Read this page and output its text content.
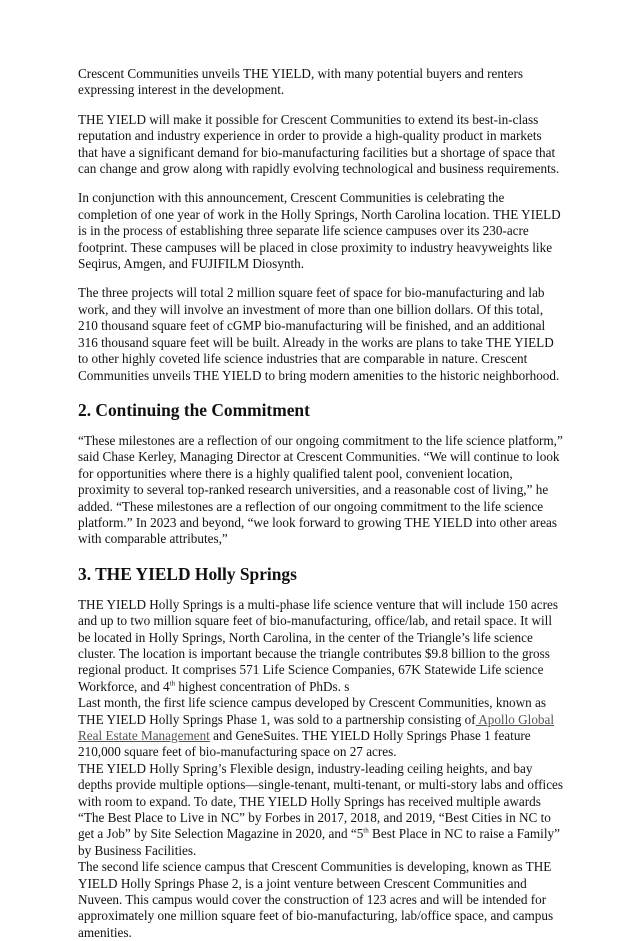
Crescent Communities unveils THE YIELD, with many potential buyers and renters expressing interest in the development.

THE YIELD will make it possible for Crescent Communities to extend its best-in-class reputation and industry experience in order to provide a high-quality product in markets that have a significant demand for bio-manufacturing facilities but a shortage of space that can change and grow along with rapidly evolving technological and business requirements.

In conjunction with this announcement, Crescent Communities is celebrating the completion of one year of work in the Holly Springs, North Carolina location. THE YIELD is in the process of establishing three separate life science campuses over its 230-acre footprint. These campuses will be placed in close proximity to industry heavyweights like Seqirus, Amgen, and FUJIFILM Diosynth.

The three projects will total 2 million square feet of space for bio-manufacturing and lab work, and they will involve an investment of more than one billion dollars. Of this total, 210 thousand square feet of cGMP bio-manufacturing will be finished, and an additional 316 thousand square feet will be built. Already in the works are plans to take THE YIELD to other highly coveted life science industries that are comparable in nature. Crescent Communities unveils THE YIELD to bring modern amenities to the historic neighborhood.

2. Continuing the Commitment

“These milestones are a reflection of our ongoing commitment to the life science platform,” said Chase Kerley, Managing Director at Crescent Communities. “We will continue to look for opportunities where there is a highly qualified talent pool, convenient location, proximity to several top-ranked research universities, and a reasonable cost of living,” he added. “These milestones are a reflection of our ongoing commitment to the life science platform.” In 2023 and beyond, “we look forward to growing THE YIELD into other areas with comparable attributes,”

3. THE YIELD Holly Springs

THE YIELD Holly Springs is a multi-phase life science venture that will include 150 acres and up to two million square feet of bio-manufacturing, office/lab, and retail space. It will be located in Holly Springs, North Carolina, in the center of the Triangle’s life science cluster. The location is important because the triangle contributes $9.8 billion to the gross regional product. It comprises 571 Life Science Companies, 67K Statewide Life science Workforce, and 4th highest concentration of PhDs. s

Last month, the first life science campus developed by Crescent Communities, known as THE YIELD Holly Springs Phase 1, was sold to a partnership consisting of Apollo Global Real Estate Management and GeneSuites. THE YIELD Holly Springs Phase 1 feature 210,000 square feet of bio-manufacturing space on 27 acres.

THE YIELD Holly Spring’s Flexible design, industry-leading ceiling heights, and bay depths provide multiple options—single-tenant, multi-tenant, or multi-story labs and offices with room to expand. To date, THE YIELD Holly Springs has received multiple awards “The Best Place to Live in NC” by Forbes in 2017, 2018, and 2019, “Best Cities in NC to get a Job” by Site Selection Magazine in 2020, and “5th Best Place in NC to raise a Family” by Business Facilities.

The second life science campus that Crescent Communities is developing, known as THE YIELD Holly Springs Phase 2, is a joint venture between Crescent Communities and Nuveen. This campus would cover the construction of 123 acres and will be intended for approximately one million square feet of bio-manufacturing, lab/office space, and campus amenities.
